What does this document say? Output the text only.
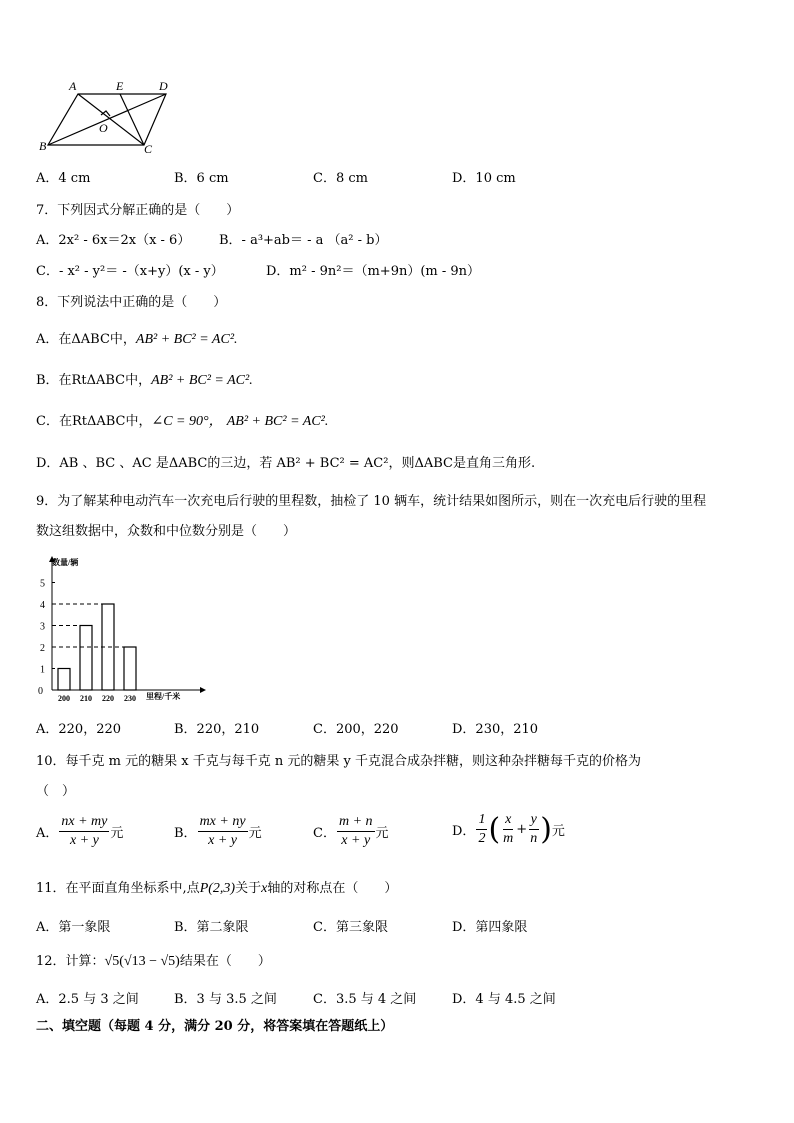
A	E	D
B
O
C
A．4 cm	B．6 cm	C．8 cm	D．10 cm
7．下列因式分解正确的是（　　）
A．2x² - 6x＝2x（x - 6） B．- a³+ab＝ - a （a² - b）
C．- x² - y²＝ -（x+y）(x - y）	D．m² - 9n²＝（m+9n）(m - 9n）
8．下列说法中正确的是（　　）
A．在ΔABC中，AB² + BC² = AC².
B．在RtΔABC中，AB² + BC² = AC².
C．在RtΔABC中，∠C = 90°， AB² + BC² = AC².
D．AB 、BC 、AC 是ΔABC的三边，若 AB² + BC² = AC²，则ΔABC是直角三角形.
9．为了解某种电动汽车一次充电后行驶的里程数，抽检了 10 辆车，统计结果如图所示，则在一次充电后行驶的里程
数这组数据中，众数和中位数分别是（　　）
0
1
2
3
4
5
200 210 220 230
数量/辆
里程/千米
A．220，220	B．220，210	C．200，220	D．230，210
10．每千克 m 元的糖果 x 千克与每千克 n 元的糖果 y 千克混合成杂拌糖，则这种杂拌糖每千克的价格为
（　）
A． $\frac{nx + my}{x + y}$ 元	B． $\frac{mx + ny}{x + y}$ 元	C． $\frac{m + n}{x + y}$ 元	D． $\frac{1}{2}$ ( $\frac{x}{m} + \frac{y}{n}$ ) 元
11．在平面直角坐标系中,点P(2,3)关于x轴的对称点在（　　）
A．第一象限	B．第二象限	C．第三象限	D．第四象限
12．计算：√5(√13 − √5)结果在（　　）
A．2.5 与 3 之间	B．3 与 3.5 之间	C．3.5 与 4 之间	D．4 与 4.5 之间
二、填空题（每题 4 分，满分 20 分，将答案填在答题纸上）
